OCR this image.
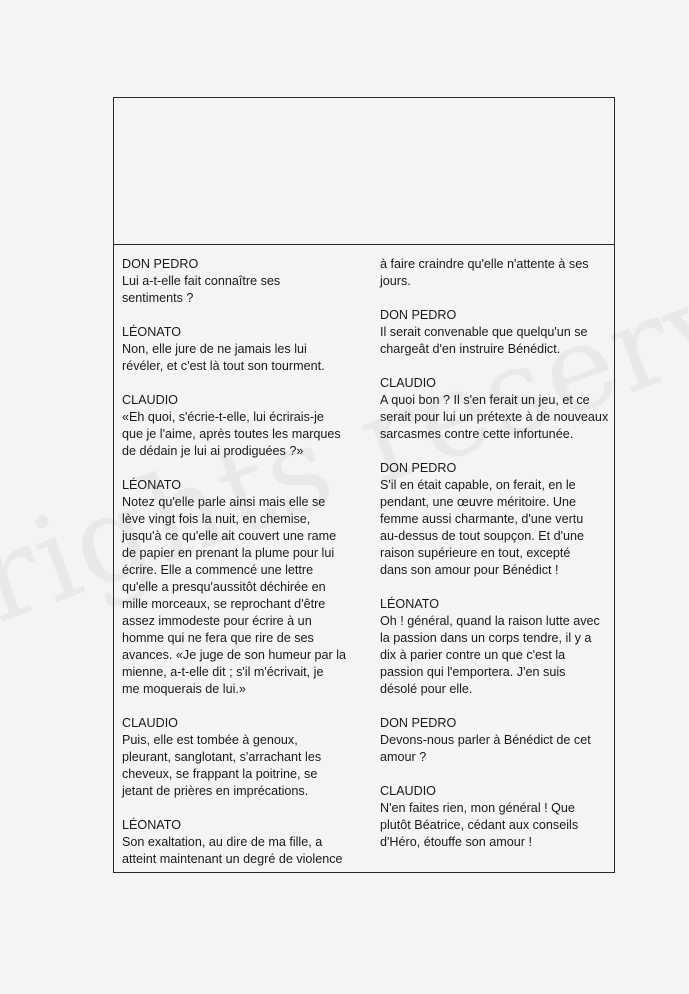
DON PEDRO
Lui a-t-elle fait connaître ses
sentiments ?
LÉONATO
Non, elle jure de ne jamais les lui
révéler, et c'est là tout son tourment.
CLAUDIO
«Eh quoi, s'écrie-t-elle, lui écrirais-je
que je l'aime, après toutes les marques
de dédain je lui ai prodiguées ?»
LÉONATO
Notez qu'elle parle ainsi mais elle se
lève vingt fois la nuit, en chemise,
jusqu'à ce qu'elle ait couvert une rame
de papier en prenant la plume pour lui
écrire. Elle a commencé une lettre
qu'elle a presqu'aussitôt déchirée en
mille morceaux, se reprochant d'être
assez immodeste pour écrire à un
homme qui ne fera que rire de ses
avances. «Je juge de son humeur par la
mienne, a-t-elle dit ; s'il m'écrivait, je
me moquerais de lui.»
CLAUDIO
Puis, elle est tombée à genoux,
pleurant, sanglotant, s'arrachant les
cheveux, se frappant la poitrine, se
jetant de prières en imprécations.
LÉONATO
Son exaltation, au dire de ma fille, a
atteint maintenant un degré de violence
à faire craindre qu'elle n'attente à ses
jours.
DON PEDRO
Il serait convenable que quelqu'un se
chargeât d'en instruire Bénédict.
CLAUDIO
A quoi bon ? Il s'en ferait un jeu, et ce
serait pour lui un prétexte à de nouveaux
sarcasmes contre cette infortunée.
DON PEDRO
S'il en était capable, on ferait, en le
pendant, une œuvre méritoire. Une
femme aussi charmante, d'une vertu
au-dessus de tout soupçon. Et d'une
raison supérieure en tout, excepté
dans son amour pour Bénédict !
LÉONATO
Oh ! général, quand la raison lutte avec
la passion dans un corps tendre, il y a
dix à parier contre un que c'est la
passion qui l'emportera. J'en suis
désolé pour elle.
DON PEDRO
Devons-nous parler à Bénédict de cet
amour ?
CLAUDIO
N'en faites rien, mon général ! Que
plutôt Béatrice, cédant aux conseils
d'Héro, étouffe son amour !
